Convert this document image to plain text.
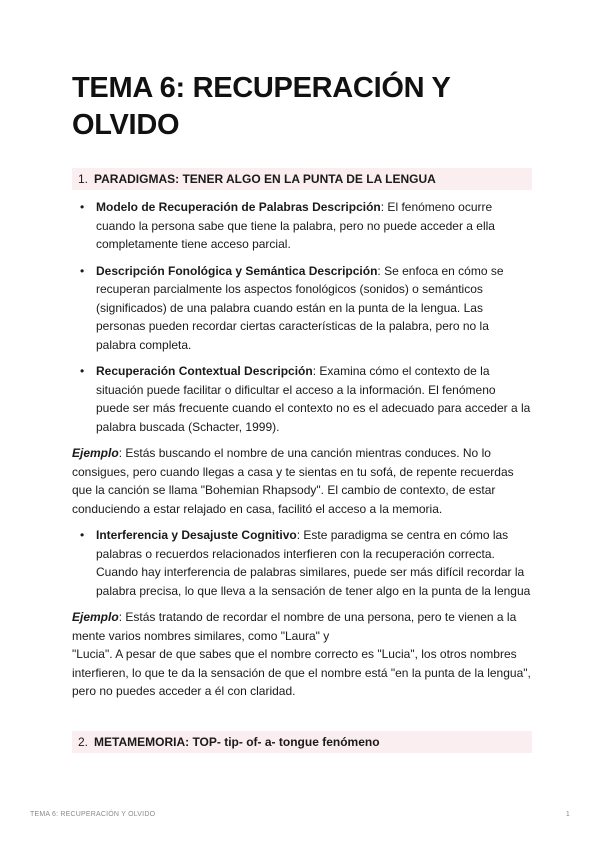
TEMA 6: RECUPERACIÓN Y OLVIDO
1. PARADIGMAS: TENER ALGO EN LA PUNTA DE LA LENGUA
• Modelo de Recuperación de Palabras Descripción: El fenómeno ocurre cuando la persona sabe que tiene la palabra, pero no puede acceder a ella completamente tiene acceso parcial.
• Descripción Fonológica y Semántica Descripción: Se enfoca en cómo se recuperan parcialmente los aspectos fonológicos (sonidos) o semánticos (significados) de una palabra cuando están en la punta de la lengua. Las personas pueden recordar ciertas características de la palabra, pero no la palabra completa.
• Recuperación Contextual Descripción: Examina cómo el contexto de la situación puede facilitar o dificultar el acceso a la información. El fenómeno puede ser más frecuente cuando el contexto no es el adecuado para acceder a la palabra buscada (Schacter, 1999).

Ejemplo: Estás buscando el nombre de una canción mientras conduces. No lo consigues, pero cuando llegas a casa y te sientas en tu sofá, de repente recuerdas que la canción se llama "Bohemian Rhapsody". El cambio de contexto, de estar conduciendo a estar relajado en casa, facilitó el acceso a la memoria.

• Interferencia y Desajuste Cognitivo: Este paradigma se centra en cómo las palabras o recuerdos relacionados interfieren con la recuperación correcta. Cuando hay interferencia de palabras similares, puede ser más difícil recordar la palabra precisa, lo que lleva a la sensación de tener algo en la punta de la lengua

Ejemplo: Estás tratando de recordar el nombre de una persona, pero te vienen a la mente varios nombres similares, como "Laura" y
"Lucia". A pesar de que sabes que el nombre correcto es "Lucia", los otros nombres interfieren, lo que te da la sensación de que el nombre está "en la punta de la lengua", pero no puedes acceder a él con claridad.

2. METAMEMORIA: TOP- tip- of- a- tongue fenómeno
TEMA 6: RECUPERACIÓN Y OLVIDO	1
